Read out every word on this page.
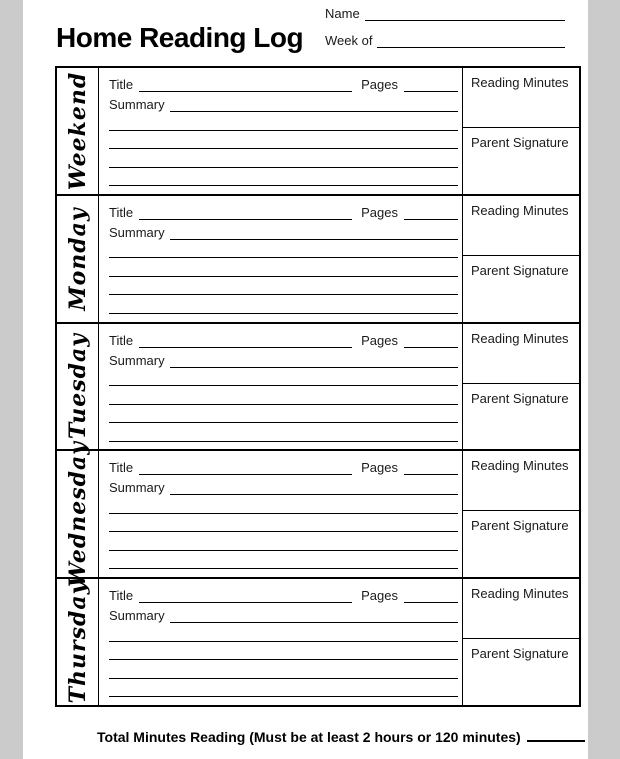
Home Reading Log
Name
Week of
Weekend Title	Pages
Summary
Reading Minutes
Parent Signature
Monday Title	Pages
Summary
Reading Minutes
Parent Signature
Tuesday Title	Pages
Summary
Reading Minutes
Parent Signature
Wednesday Title	Pages
Summary
Reading Minutes
Parent Signature
Thursday Title	Pages
Summary
Reading Minutes
Parent Signature
Total Minutes Reading (Must be at least 2 hours or 120 minutes)
